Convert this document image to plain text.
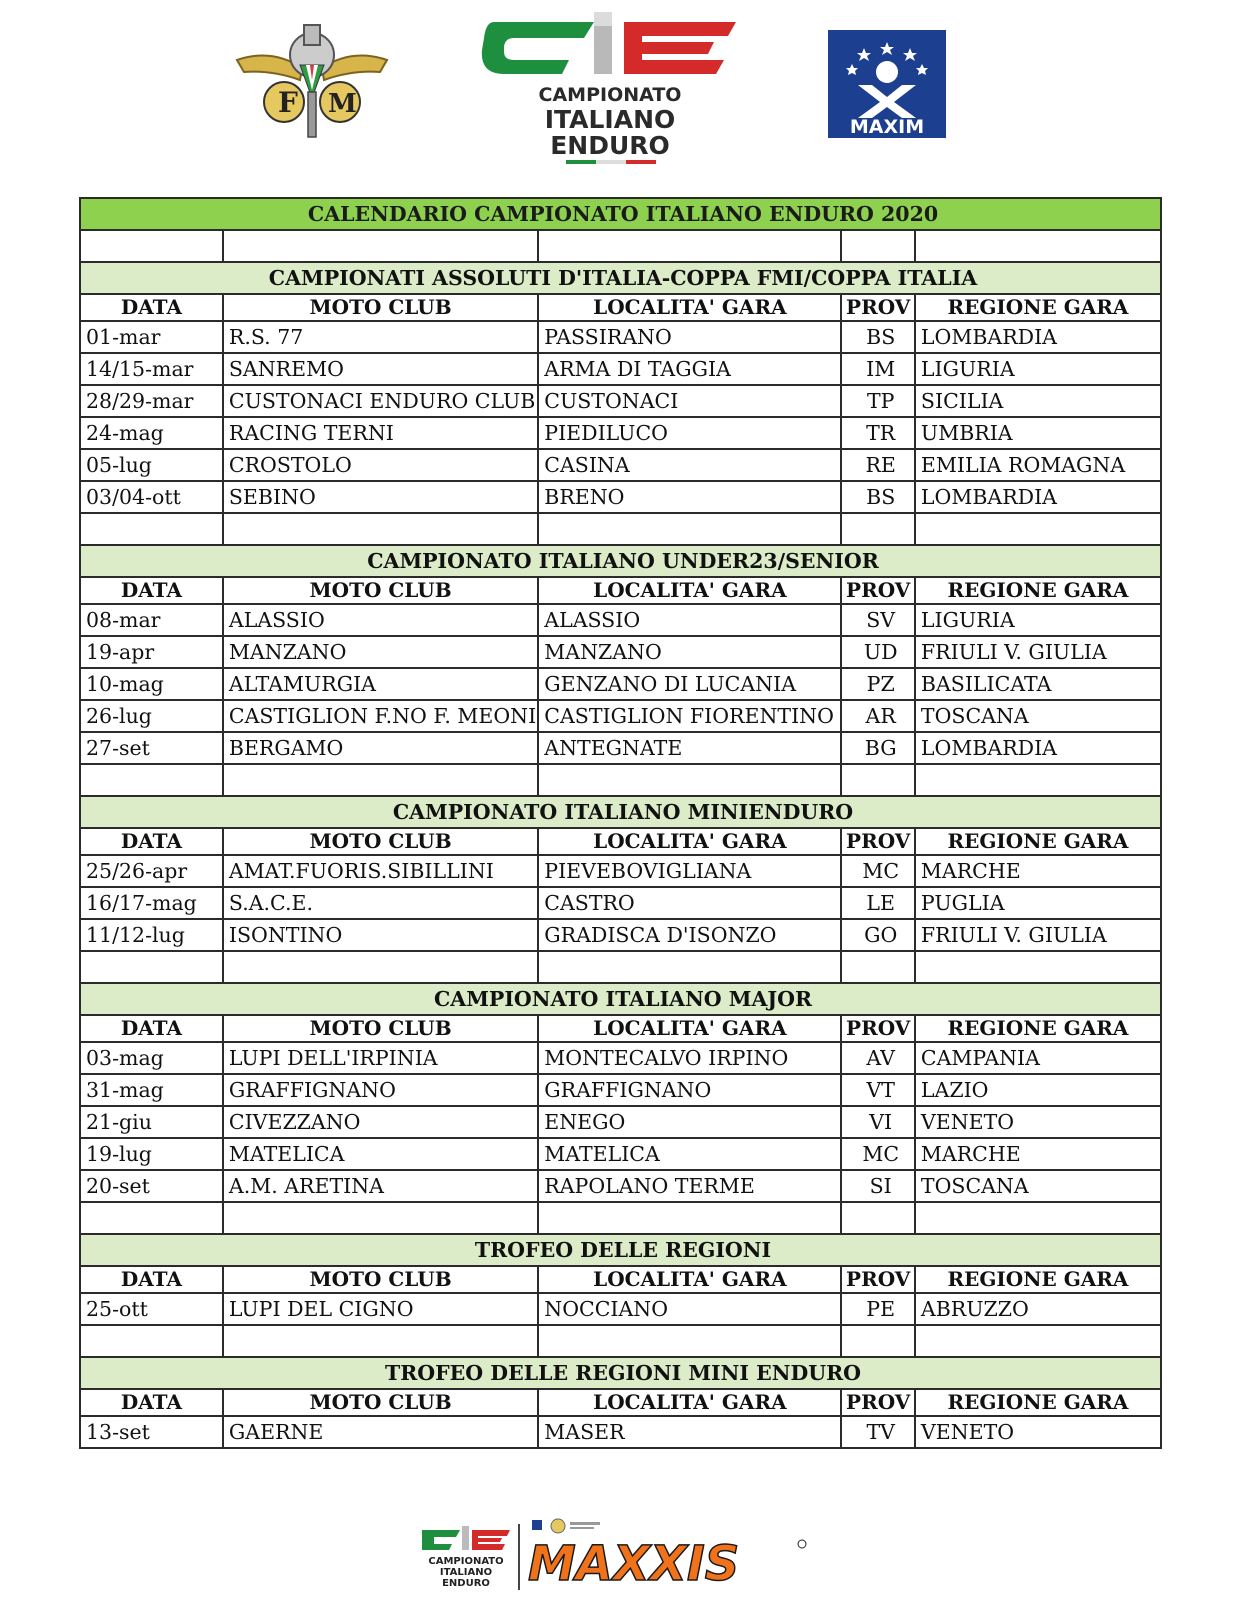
F M	CAMPIONATO
ITALIANO
ENDURO
MAXIM
CALENDARIO CAMPIONATO ITALIANO ENDURO 2020				

CAMPIONATI ASSOLUTI D'ITALIA-COPPA FMI/COPPA ITALIA				
DATA	MOTO CLUB	LOCALITA' GARA	PROV	REGIONE GARA
01-mar	R.S. 77	PASSIRANO	BS	LOMBARDIA
14/15-mar	SANREMO	ARMA DI TAGGIA	IM	LIGURIA
28/29-mar	CUSTONACI ENDURO CLUB	CUSTONACI	TP	SICILIA
24-mag	RACING TERNI	PIEDILUCO	TR	UMBRIA
05-lug	CROSTOLO	CASINA	RE	EMILIA ROMAGNA
03/04-ott	SEBINO	BRENO	BS	LOMBARDIA

CAMPIONATO ITALIANO UNDER23/SENIOR				
DATA	MOTO CLUB	LOCALITA' GARA	PROV	REGIONE GARA
08-mar	ALASSIO	ALASSIO	SV	LIGURIA
19-apr	MANZANO	MANZANO	UD	FRIULI V. GIULIA
10-mag	ALTAMURGIA	GENZANO DI LUCANIA	PZ	BASILICATA
26-lug	CASTIGLION F.NO F. MEONI	CASTIGLION FIORENTINO	AR	TOSCANA
27-set	BERGAMO	ANTEGNATE	BG	LOMBARDIA

CAMPIONATO ITALIANO MINIENDURO				
DATA	MOTO CLUB	LOCALITA' GARA	PROV	REGIONE GARA
25/26-apr	AMAT.FUORIS.SIBILLINI	PIEVEBOVIGLIANA	MC	MARCHE
16/17-mag	S.A.C.E.	CASTRO	LE	PUGLIA
11/12-lug	ISONTINO	GRADISCA D'ISONZO	GO	FRIULI V. GIULIA

CAMPIONATO ITALIANO MAJOR				
DATA	MOTO CLUB	LOCALITA' GARA	PROV	REGIONE GARA
03-mag	LUPI DELL'IRPINIA	MONTECALVO IRPINO	AV	CAMPANIA
31-mag	GRAFFIGNANO	GRAFFIGNANO	VT	LAZIO
21-giu	CIVEZZANO	ENEGO	VI	VENETO
19-lug	MATELICA	MATELICA	MC	MARCHE
20-set	A.M. ARETINA	RAPOLANO TERME	SI	TOSCANA

TROFEO DELLE REGIONI				
DATA	MOTO CLUB	LOCALITA' GARA	PROV	REGIONE GARA
25-ott	LUPI DEL CIGNO	NOCCIANO	PE	ABRUZZO

TROFEO DELLE REGIONI MINI ENDURO				
DATA	MOTO CLUB	LOCALITA' GARA	PROV	REGIONE GARA
13-set	GAERNE	MASER	TV	VENETO
CAMPIONATO
ITALIANO
ENDURO MAXXIS
